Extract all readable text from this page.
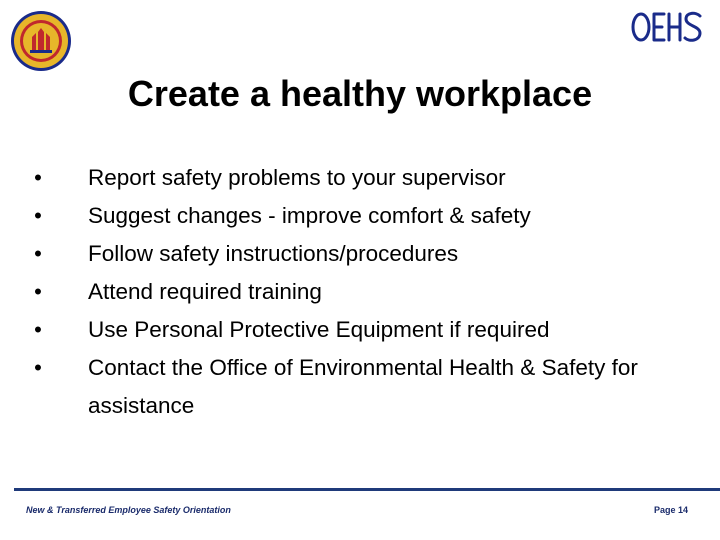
Create a healthy workplace
• Report safety problems to your supervisor
• Suggest changes - improve comfort & safety
• Follow safety instructions/procedures
• Attend required training
• Use Personal Protective Equipment if required
• Contact the Office of Environmental Health & Safety for assistance
New & Transferred Employee Safety Orientation	Page 14
